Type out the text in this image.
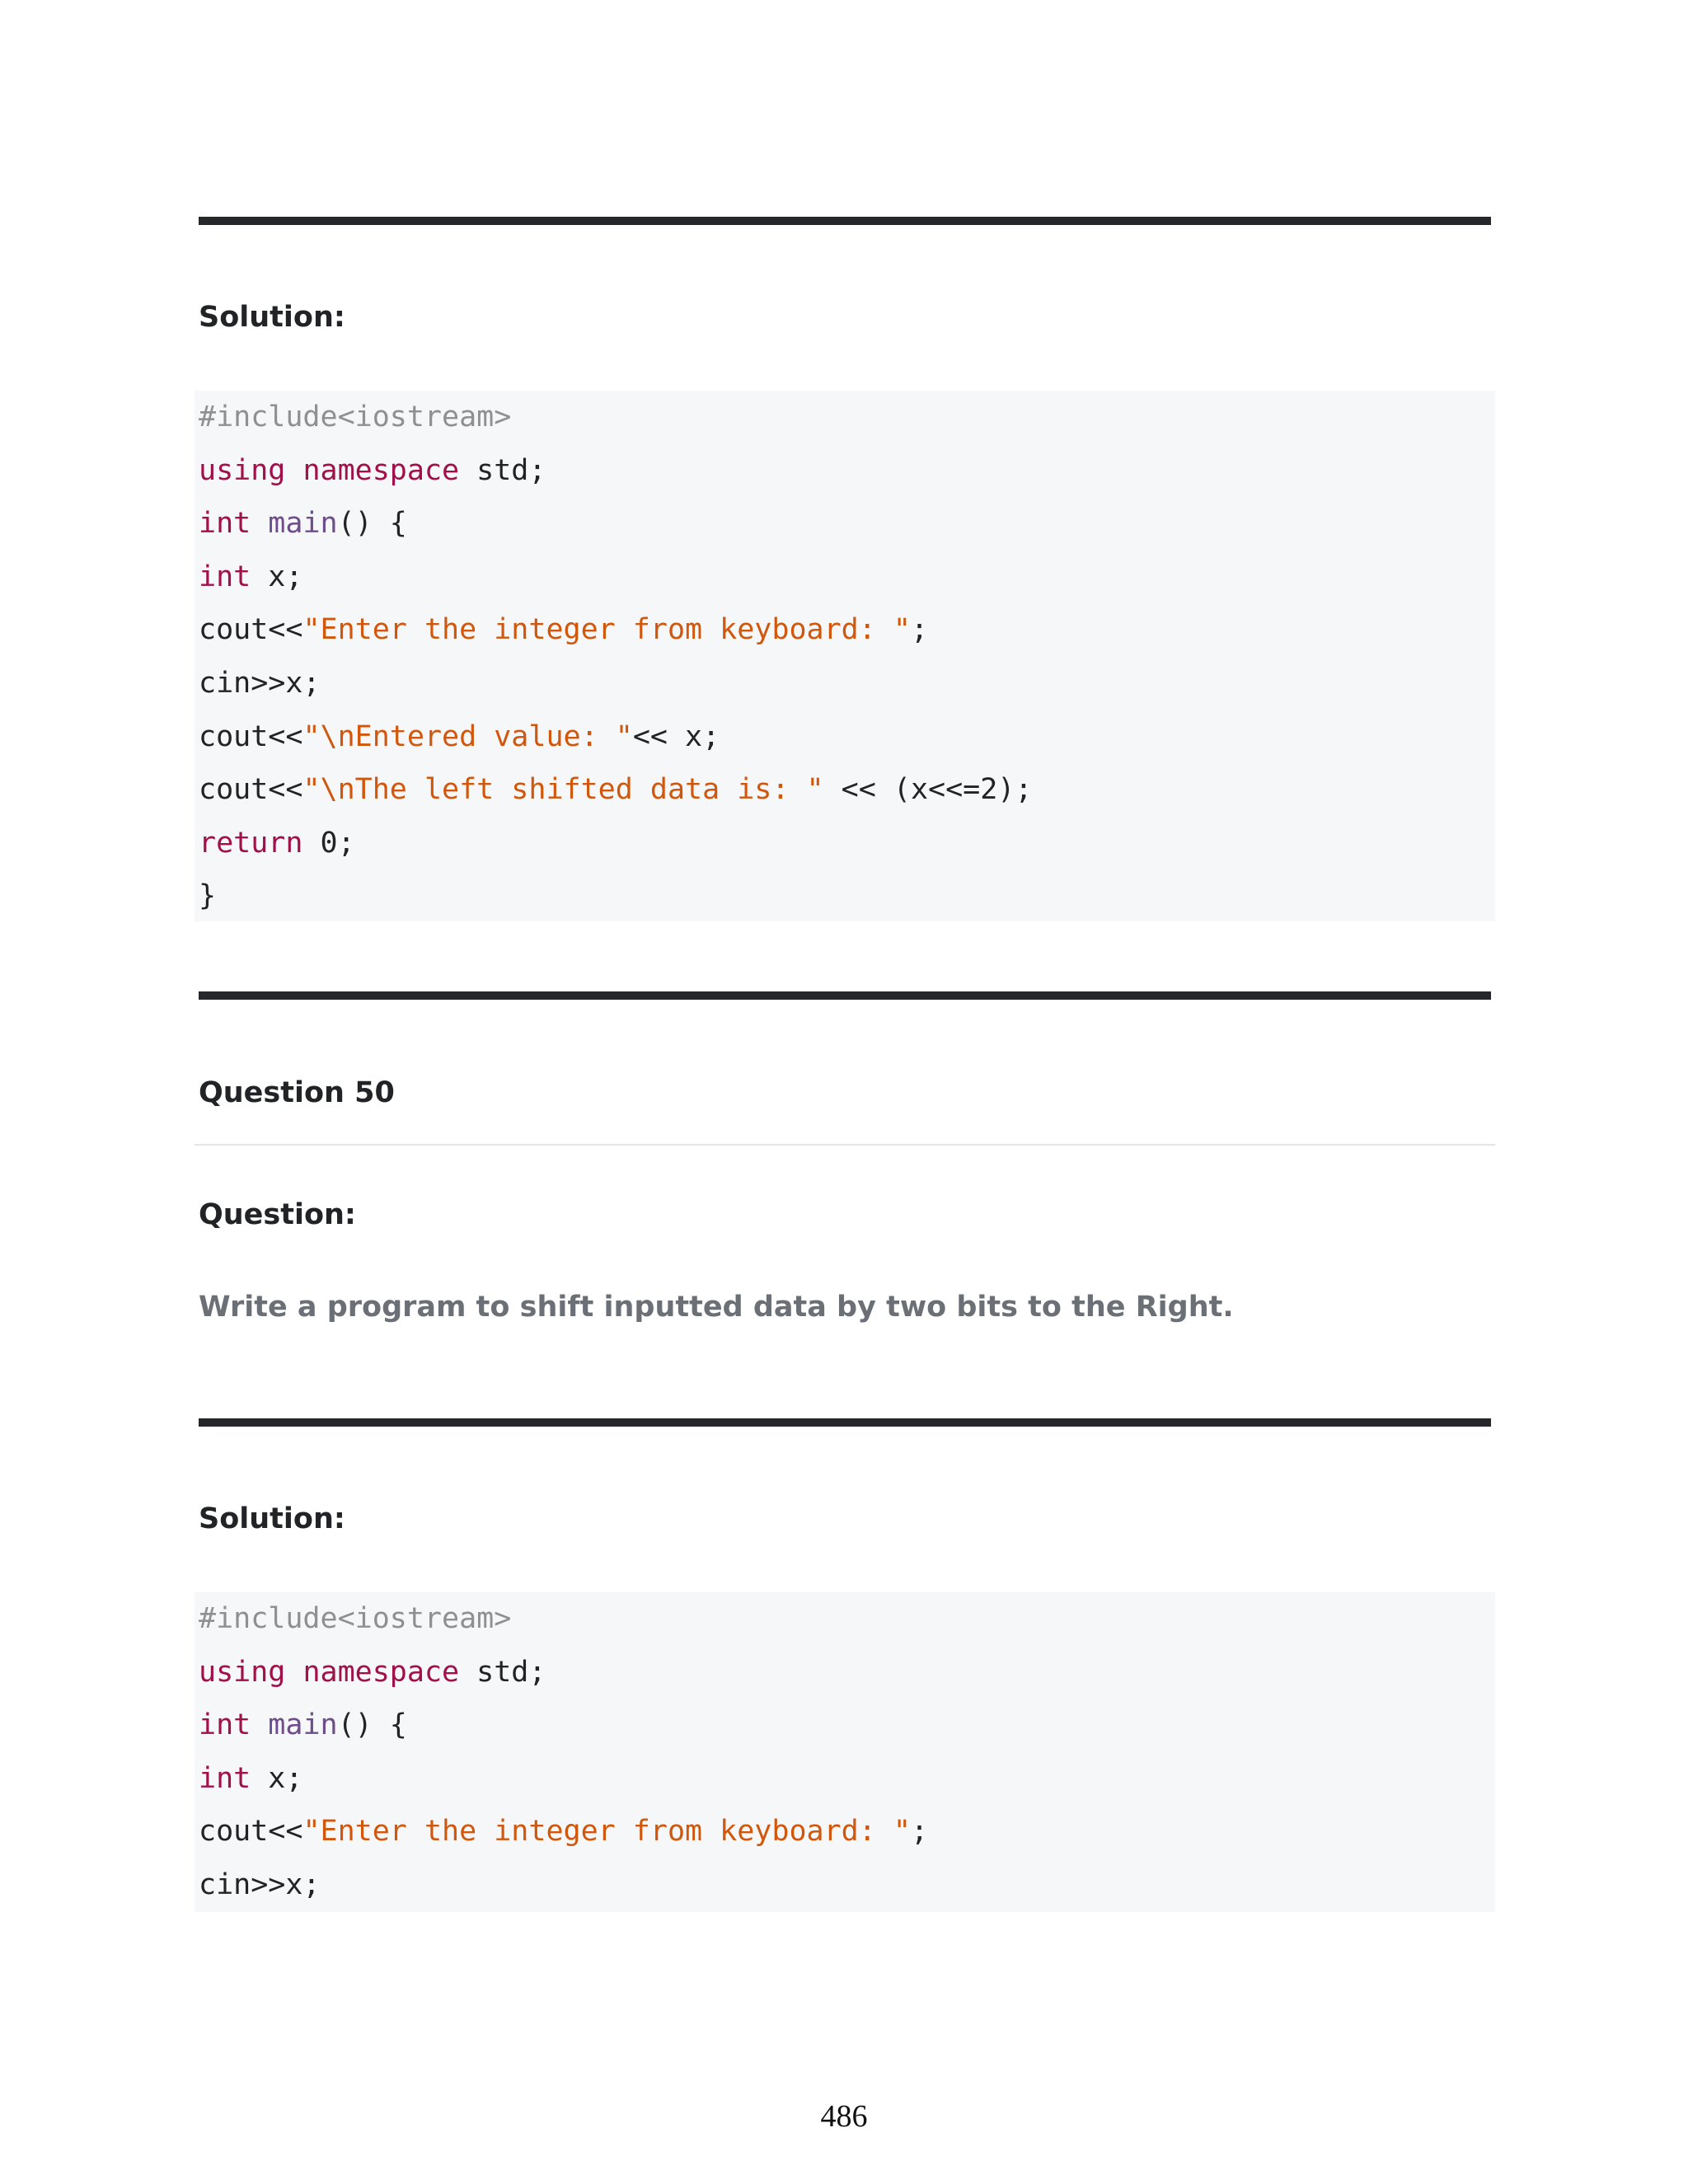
Solution:
#include<iostream>
using namespace std;
int main() {
int x;
cout<<"Enter the integer from keyboard: ";
cin>>x;
cout<<"\nEntered value: "<< x;
cout<<"\nThe left shifted data is: " << (x<<=2);
return 0;
}
Question 50
Question:

Write a program to shift inputted data by two bits to the Right.

Solution:
#include<iostream>
using namespace std;
int main() {
int x;
cout<<"Enter the integer from keyboard: ";
cin>>x;
486
